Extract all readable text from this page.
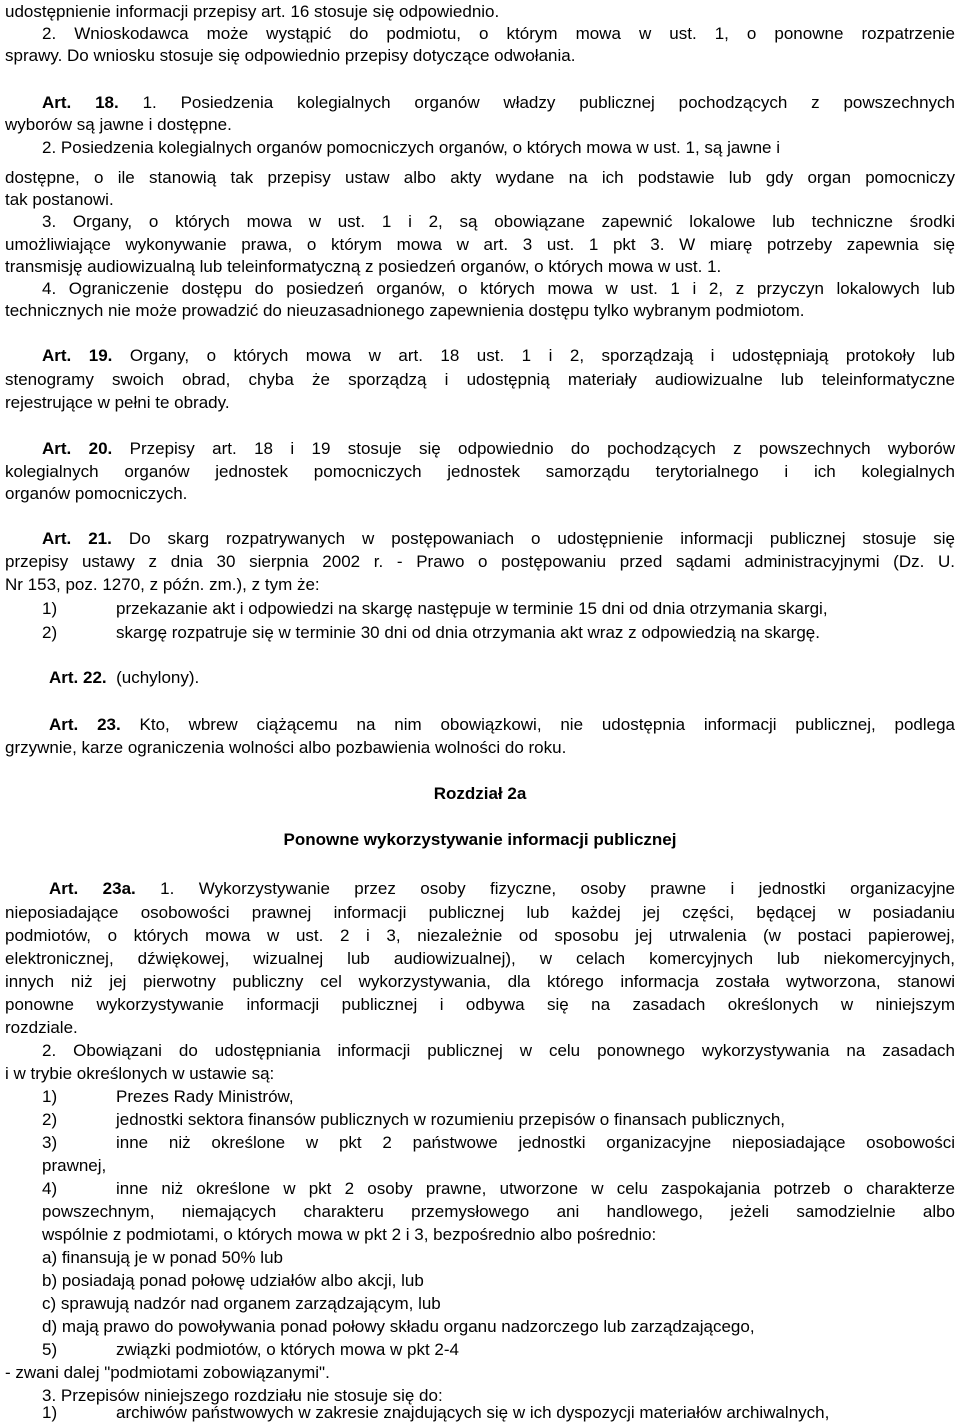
udostępnienie informacji przepisy art. 16 stosuje się odpowiednio.
2. Wnioskodawca może wystąpić do podmiotu, o którym mowa w ust. 1, o ponowne rozpatrzenie
sprawy. Do wniosku stosuje się odpowiednio przepisy dotyczące odwołania.
Art. 18. 1. Posiedzenia kolegialnych organów władzy publicznej pochodzących z powszechnych
wyborów są jawne i dostępne.
2. Posiedzenia kolegialnych organów pomocniczych organów, o których mowa w ust. 1, są jawne i
dostępne, o ile stanowią tak przepisy ustaw albo akty wydane na ich podstawie lub gdy organ pomocniczy
tak postanowi.
3. Organy, o których mowa w ust. 1 i 2, są obowiązane zapewnić lokalowe lub techniczne środki
umożliwiające wykonywanie prawa, o którym mowa w art. 3 ust. 1 pkt 3. W miarę potrzeby zapewnia się
transmisję audiowizualną lub teleinformatyczną z posiedzeń organów, o których mowa w ust. 1.
4. Ograniczenie dostępu do posiedzeń organów, o których mowa w ust. 1 i 2, z przyczyn lokalowych lub
technicznych nie może prowadzić do nieuzasadnionego zapewnienia dostępu tylko wybranym podmiotom.
Art. 19. Organy, o których mowa w art. 18 ust. 1 i 2, sporządzają i udostępniają protokoły lub
stenogramy swoich obrad, chyba że sporządzą i udostępnią materiały audiowizualne lub teleinformatyczne
rejestrujące w pełni te obrady.
Art. 20. Przepisy art. 18 i 19 stosuje się odpowiednio do pochodzących z powszechnych wyborów
kolegialnych organów jednostek pomocniczych jednostek samorządu terytorialnego i ich kolegialnych
organów pomocniczych.
Art. 21. Do skarg rozpatrywanych w postępowaniach o udostępnienie informacji publicznej stosuje się
przepisy ustawy z dnia 30 sierpnia 2002 r. - Prawo o postępowaniu przed sądami administracyjnymi (Dz. U.
Nr 153, poz. 1270, z późn. zm.), z tym że:
1)	przekazanie akt i odpowiedzi na skargę następuje w terminie 15 dni od dnia otrzymania skargi,
2)	skargę rozpatruje się w terminie 30 dni od dnia otrzymania akt wraz z odpowiedzią na skargę.
Art. 22. (uchylony).
Art. 23. Kto, wbrew ciążącemu na nim obowiązkowi, nie udostępnia informacji publicznej, podlega
grzywnie, karze ograniczenia wolności albo pozbawienia wolności do roku.
Rozdział 2a
Ponowne wykorzystywanie informacji publicznej
Art. 23a. 1. Wykorzystywanie przez osoby fizyczne, osoby prawne i jednostki organizacyjne
nieposiadające osobowości prawnej informacji publicznej lub każdej jej części, będącej w posiadaniu
podmiotów, o których mowa w ust. 2 i 3, niezależnie od sposobu jej utrwalenia (w postaci papierowej,
elektronicznej, dźwiękowej, wizualnej lub audiowizualnej), w celach komercyjnych lub niekomercyjnych,
innych niż jej pierwotny publiczny cel wykorzystywania, dla którego informacja została wytworzona, stanowi
ponowne wykorzystywanie informacji publicznej i odbywa się na zasadach określonych w niniejszym
rozdziale.
2. Obowiązani do udostępniania informacji publicznej w celu ponownego wykorzystywania na zasadach
i w trybie określonych w ustawie są:
1)	Prezes Rady Ministrów,
2)	jednostki sektora finansów publicznych w rozumieniu przepisów o finansach publicznych,
3)	inne niż określone w pkt 2 państwowe jednostki organizacyjne nieposiadające osobowości
prawnej,
4)	inne niż określone w pkt 2 osoby prawne, utworzone w celu zaspokajania potrzeb o charakterze
powszechnym, niemających charakteru przemysłowego ani handlowego, jeżeli samodzielnie albo
wspólnie z podmiotami, o których mowa w pkt 2 i 3, bezpośrednio albo pośrednio:
a) finansują je w ponad 50% lub
b) posiadają ponad połowę udziałów albo akcji, lub
c) sprawują nadzór nad organem zarządzającym, lub
d) mają prawo do powoływania ponad połowy składu organu nadzorczego lub zarządzającego,
5)	związki podmiotów, o których mowa w pkt 2-4
- zwani dalej "podmiotami zobowiązanymi".
3. Przepisów niniejszego rozdziału nie stosuje się do:
1)	archiwów państwowych w zakresie znajdujących się w ich dyspozycji materiałów archiwalnych,
